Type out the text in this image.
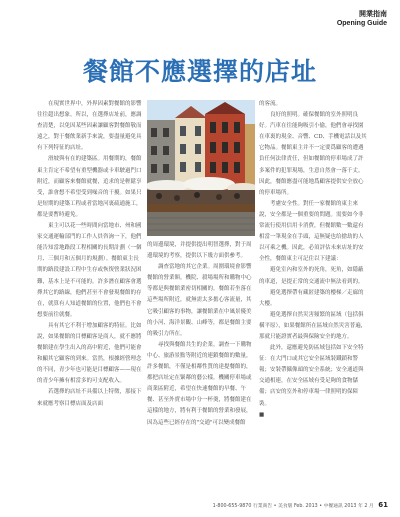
開業指南
Opening Guide
餐館不應選擇的店址

在現實世界中，外界因素對餐館的影響往往超出想象。所以，在選擇店址前，應調查清楚，以免因某些因素讓顧客對餐館敬而遠之，對于餐飲業新手來說，要盡量避免具有下列特征的店址。

滑坡與有在的建築區。用餐期的，餐館東主肯定不希望有重型機器或卡車駛過門口附近，而顧客來餐館就餐，追求的是輕鬆享受，誰會想不希望受到噪音的干擾。如果只是短期的建築工程或者當地河裏疏通施工，都是要暫時避免。

東主可以花一些時間向當地市、州和國家交通運輸部門的工作人員咨詢一下，他們能告知當地路段工程相關的長期計劃（一個月、三個月和五個月的規劃）。餐館東主長期的路段建設工程中生存或恢復營業狀況困難，基本上是不可能的。許多潛在顧客會選擇其它的路線，他們甚至不會發現餐館的存在，就算有人知道餐館的位置，他們也不會想要前往就餐。

具有其它不利于增加顧客的特征。比如說，如果餐館的目標顧客是商人，就不應將餐館建在學生出入的高中附近，他們可能會和顯其它顧客的到來。當然，根據經營理念的不同，青少年也可能是目標顧客——現在的青少年擁有相當多的可支配收入。

若選擇的店址不具備以上特徵，那接下來就應考察目標店面及店面

的周邊環境，并提供提出明智選擇，對于周邊環境的考察，提供以下幾方面供參考。

調查當地的其它企業。周圍環境會影響餐館的營業額。機院、殺場場所和購物中心等都是與餐館業密切相關的。餐館若坐落在這些場所附近，就無需太多擔心客流量，其它吸引顧客的事物，讓餐館業在中風景優美的小河、海洋景觀、山峰等，都是餐館主要的吸引力所在。

尋找與餐館共生的企業。調查一下購物中心、旅游景點等附近的連鎖餐館的數量，許多餐館，不僅是相鄰性質的達提餐館的，都把店址定在緊鄰的藝公樣。機關停車場或商業區附近，希望在快速餐館的早餐、午餐、甚至外賣市場中分一杯羹，將餐館建在這樣的地方，將有利于餐館的營業和發展，因為這些已經存在的"交通"可以變成餐館

的客流。

良好的照明。確保餐館的室外照明良好。汽車在往能夠吸引小偷，他們會尋找園在車裏的現金、音響、CD、手機電話以及其它物品。餐館東主并不一定要爲顧客的遭遇負任何法律責任，但如餐館的停車場成了許多案件的犯罪現場，生意自然會一落千丈。因此，餐館應盡可能地爲顧客提供安全放心的停車場所。

考慮安全性。對任一家餐館的東主來說，安全都是一個重要的問題。需要如今非常流行使用信用卡消費，但餐館數一數還有相當一筆現金在手頭，這無疑也给搶劫的人以可乘之機。因此，必須評估未來店址的安全性，餐館東主可記住以下建議：

避免室內和室外的死角，死角，如隱蔽的車道，是提正常的交通流中無法看到的。

避免選擇帶有藏匿建築的樓梯／走廊的大樓。

避免選擇自然災害頻繁的區域（包括俱橫平原），如果餐館所在區域自然災害普遍，那就只能證實者最與保險安全的地方。

此外，還應避免防區域包括如下安全特征：在大門口或其它安全區域裝鐵鎖和警報；安裝帶攝像頭的安全系統；安全通道與交通相連，在安全區域有受足夠的食物儲備；店安的室外和停車場一律照明的保障裝。

■

1-800-655-9870 行業商告 • 美食版 Feb. 2013 • 中餐通訊 2013 年 2 月 61
